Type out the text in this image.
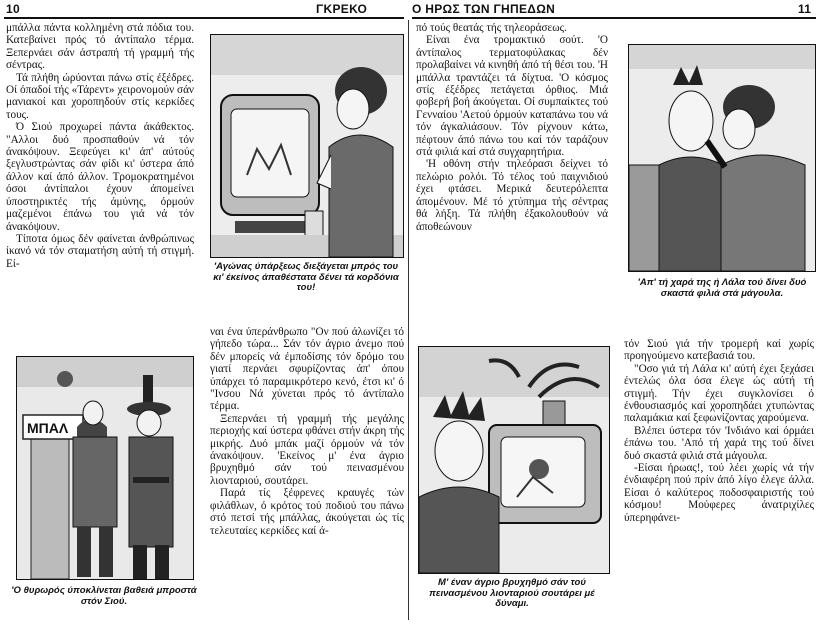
10	ΓΚΡΕΚΟ	Ο ΗΡΩΣ ΤΩΝ ΓΗΠΕΔΩΝ	11

μπάλλα πάντα κολλημένη στά πόδια του. Κατεβαίνει πρός τό άντίπαλο τέρμα. Ξεπερνάει σάν άστραπή τή γραμμή τής σέντρας.

Τά πλήθη ώρύονται πάνω στίς έξέδρες. Οί όπαδοί τής «Τάρεντ» χειρονομούν σάν μανιακοί και χοροπηδούν στίς κερκίδες τους.

Ό Σιού προχωρεί πάντα άκάθεκτος. "Αλλοι δυό προσπαθούν νά τόν άνακόψουν. Ξεφεύγει κι' άπ' αύτούς ξεγλυστρώντας σάν φίδι κι' ύστερα άπό άλλον καί άπό άλλον. Τρομοκρατημένοι όσοι άντίπαλοι έχουν άπομείνει ύποστηρικτές τής άμύνης, όρμούν μαζεμένοι έπάνω του γιά νά τόν άνακόψουν.

Τίποτα όμως δέν φαίνεται άνθρώπινως ίκανό νά τόν σταματήση αύτή τή στιγμή. Εί-

ΜΠΑΛ
'Ο θυρωρός ύποκλίνεται βαθειά μπροστά στόν Σιού.
'Αγώνας ύπάρξεως διεξάγεται μπρός του κι' έκείνος άπαθέστατα δένει τά κορδόνια του!

ναι ένα ύπεράνθρωπο "Ον πού άλωνίζει τό γήπεδο τώρα... Σάν τόν άγριο άνεμο πού δέν μπορείς νά έμποδίσης τόν δρόμο του γιατί περνάει σφυρίζοντας άπ' όπου ύπάρχει τό παραμικρότερο κενό, έτσι κι' ό "Ινσου Νά χύνεται πρός τό άντίπαλο τέρμα.

Ξεπερνάει τή γραμμή τής μεγάλης περιοχής καί ύστερα φθάνει στήν άκρη τής μικρής. Δυό μπάκ μαζί όρμούν νά τόν άνακόψουν. 'Εκείνος μ' ένα άγριο βρυχηθμό σάν τού πεινασμένου λιονταριού, σουτάρει.

Παρά τίς ξέφρενες κραυγές τών φιλάθλων, ό κρότος τού ποδιού του πάνω στό πετσί τής μπάλλας, άκούγεται ώς τίς τελευταίες κερκίδες καί ά-

πό τούς θεατάς τής τηλεοράσεως.

Είναι ένα τρομακτικό σούτ. 'Ο άντίπαλος τερματοφύλακας δέν προλαβαίνει νά κινηθή άπό τή θέσι του. 'Η μπάλλα τραντάζει τά δίχτυα. 'Ο κόσμος στίς έξέδρες πετάγεται όρθιος. Μιά φοβερή βοή άκούγεται. Οί συμπαίκτες τού Γενναίου 'Αετού όρμούν καταπάνω του νά τόν άγκαλιάσουν. Τόν ρίχνουν κάτω, πέφτουν άπό πάνω του καί τόν ταράζουν στά φιλιά καί στά συγχαρητήρια.

'Η οθόνη στήν τηλεόρασι δείχνει τό πελώριο ρολόι. Τό τέλος τού παιχνιδιού έχει φτάσει. Μερικά δευτερόλεπτα άπομένουν. Μέ τό χτύπημα τής σέντρας θά λήξη. Τά πλήθη έξακολουθούν νά άποθεώνουν

Μ' έναν άγριο βρυχηθμό σάν τού πεινασμένου λιονταριού σουτάρει μέ δύναμι.
'Απ' τή χαρά της ή Λάλα τού δίνει δυό σκαστά φιλιά στά μάγουλα.

τόν Σιού γιά τήν τρομερή καί χωρίς προηγούμενο κατεβασιά του.

"Οσο γιά τή Λάλα κι' αύτή έχει ξεχάσει έντελώς όλα όσα έλεγε ώς αύτή τή στιγμή. Τήν έχει συγκλονίσει ό ένθουσιασμός καί χοροπηδάει χτυπώντας παλαμάκια καί ξεφωνίζοντας χαρούμενα.

Βλέπει ύστερα τόν 'Ινδιάνο καί όρμάει έπάνω του. 'Από τή χαρά της τού δίνει δυό σκαστά φιλιά στά μάγουλα.

-Είσαι ήρωας!, τού λέει χωρίς νά τήν ένδιαφέρη πού πρίν άπό λίγο έλεγε άλλα. Είσαι ό καλύτερος ποδοσφαιριστής τού κόσμου! Μούφερες άνατριχίλες ύπερηφάνει-
